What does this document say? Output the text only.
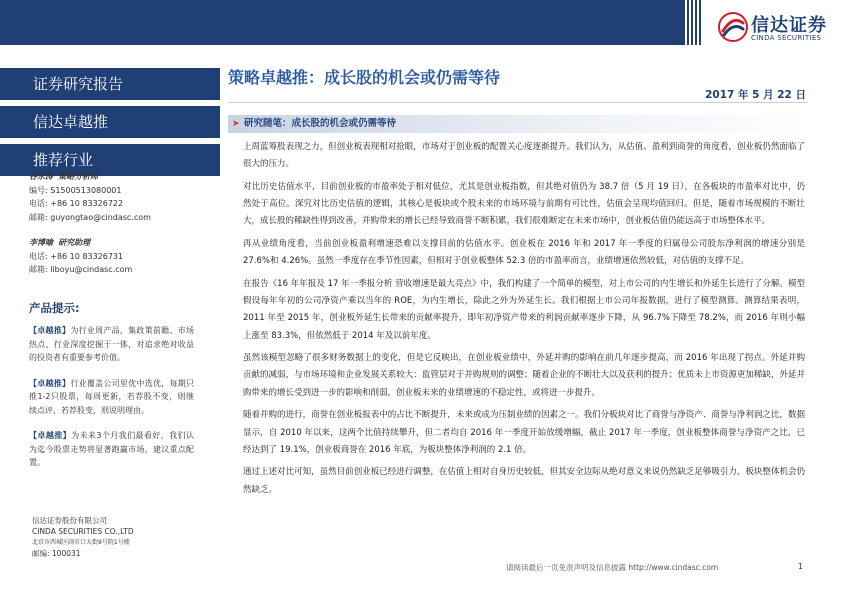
信达证券
CINDA SECURITIES
证券研究报告
信达卓越推
推荐行业
谷永涛 策略分析师
编号: S1500513080001
电话: +86 10 83326722
邮箱: guyongtao@cindasc.com
李博喻 研究助理
电话: +86 10 83326731
邮箱: liboyu@cindasc.com
产品提示:
【卓越推】为行业周产品，集政策前瞻、市场热点、行业深度挖掘于一体，对追求绝对收益的投资者有重要参考价值。
【卓越推】行业覆盖公司里优中选优，每期只推1-2只股票，每周更新，若荐股不变，则继续点评，若荐股变，则说明理由。
【卓越推】为未来3个月我们最看好，我们认为迄今股票走势将显著跑赢市场，建议重点配置。
信达证券股份有限公司
CINDA SECURITIES CO.,LTD
北京市西城区闹市口大街9号院1号楼
邮编: 100031
策略卓越推：成长股的机会或仍需等待
2017 年 5 月 22 日
➤ 研究随笔：成长股的机会或仍需等待

上周蓝筹股表现之力，但创业板表现相对抢眼，市场对于创业板的配置关心度逐渐提升。我们认为，从估值、盈利到商誉的角度看，创业板仍然面临了很大的压力。

对比历史估值水平，目前创业板的市盈率处于相对低位，尤其是创业板指数，但其绝对值仍为 38.7 倍（5 月 19 日），在各板块的市盈率对比中，仍然处于高位。深究对比历史估值的逻辑，其核心是板块或个股未来的市场环境与前期有可比性，估值会呈现均值回归。但是，随着市场规模的不断壮大，成长股的稀缺性得到改善，并购带来的增长已经导致商誉不断积累，我们很难断定在未来市场中，创业板估值仍能远高于市场整体水平。

再从业绩角度看，当前创业板盈利增速恐难以支撑目前的估值水平。创业板在 2016 年和 2017 年一季度的归属母公司股东净利润的增速分别是 27.6%和 4.26%。虽然一季度存在季节性因素，但相对于创业板整体 52.3 倍的市盈率而言，业绩增速依然较低，对估值的支撑不足。

在报告《16 年年报及 17 年一季报分析 营收增速是最大亮点》中，我们构建了一个简单的模型，对上市公司的内生增长和外延生长进行了分解。模型假设每年年初的公司净资产乘以当年的 ROE，为内生增长，除此之外为外延生长。我们根据上市公司年报数据，进行了模型测算。测算结果表明，2011 年至 2015 年，创业板外延生长带来的贡献率提升，即年初净资产带来的利润贡献率逐步下降，从 96.7%下降至 78.2%，而 2016 年则小幅上涨至 83.3%，但依然低于 2014 年及以前年度。

虽然该模型忽略了很多财务数据上的变化，但是它反映出，在创业板业绩中，外延并购的影响在前几年逐步提高，而 2016 年出现了拐点。外延并购贡献的减弱，与市场环境和企业发展关系较大：监管层对于并购规则的调整；随着企业的不断壮大以及获利的提升；优质未上市资源更加稀缺，外延并购带来的增长受到进一步的影响和削弱，创业板未来的业绩增速的不稳定性，或将进一步提升。

随着并购的进行，商誉在创业板报表中的占比不断提升，未来或成为压制业绩的因素之一。我们分板块对比了商誉与净资产、商誉与净利润之比，数据显示，自 2010 年以来，这两个比值持续攀升，但二者均自 2016 年一季度开始放缓增幅，截止 2017 年一季度，创业板整体商誉与净资产之比，已经达到了 19.1%，创业板商誉在 2016 年底，为板块整体净利润的 2.1 倍。

通过上述对比可知，虽然目前创业板已经进行调整，在估值上相对自身历史较低，但其安全边际从绝对意义来说仍然缺乏足够吸引力，板块整体机会仍然缺乏。

请阅读最后一页免责声明及信息披露 http://www.cindasc.com	1
